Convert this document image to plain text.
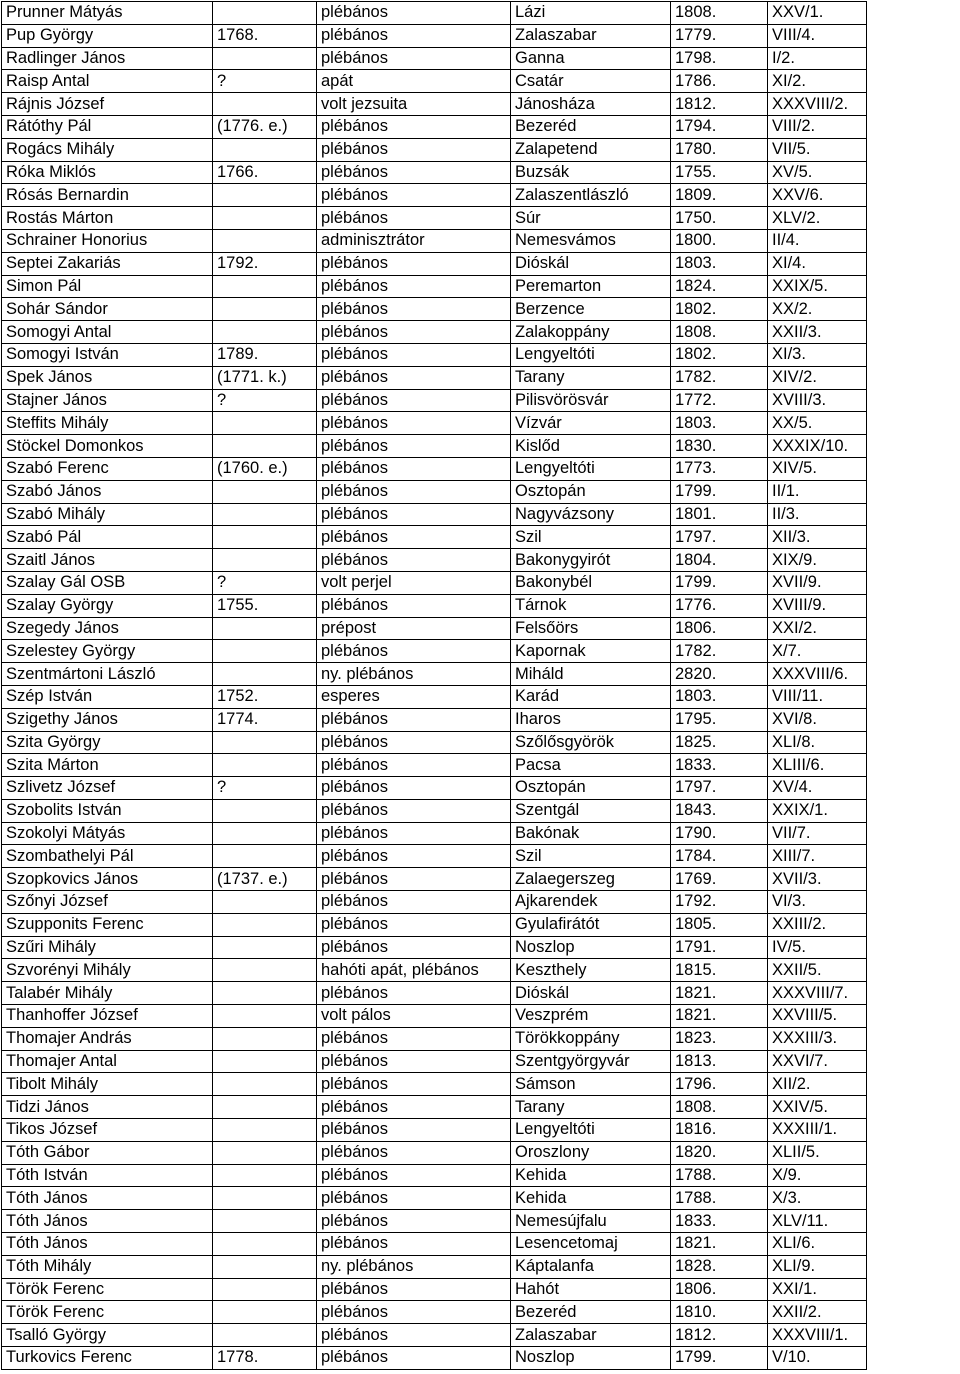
Prunner Mátyás		plébános	Lázi	1808.	XXV/1.
Pup György	1768.	plébános	Zalaszabar	1779.	VIII/4.
Radlinger János		plébános	Ganna	1798.	I/2.
Raisp Antal	?	apát	Csatár	1786.	XI/2.
Rájnis József		volt jezsuita	Jánosháza	1812.	XXXVIII/2.
Rátóthy Pál	(1776. e.)	plébános	Bezeréd	1794.	VIII/2.
Rogács Mihály		plébános	Zalapetend	1780.	VII/5.
Róka Miklós	1766.	plébános	Buzsák	1755.	XV/5.
Rósás Bernardin		plébános	Zalaszentlászló	1809.	XXV/6.
Rostás Márton		plébános	Súr	1750.	XLV/2.
Schrainer Honorius		adminisztrátor	Nemesvámos	1800.	II/4.
Septei Zakariás	1792.	plébános	Dióskál	1803.	XI/4.
Simon Pál		plébános	Peremarton	1824.	XXIX/5.
Sohár Sándor		plébános	Berzence	1802.	XX/2.
Somogyi Antal		plébános	Zalakoppány	1808.	XXII/3.
Somogyi István	1789.	plébános	Lengyeltóti	1802.	XI/3.
Spek János	(1771. k.)	plébános	Tarany	1782.	XIV/2.
Stajner János	?	plébános	Pilisvörösvár	1772.	XVIII/3.
Steffits Mihály		plébános	Vízvár	1803.	XX/5.
Stöckel Domonkos		plébános	Kislőd	1830.	XXXIX/10.
Szabó Ferenc	(1760. e.)	plébános	Lengyeltóti	1773.	XIV/5.
Szabó János		plébános	Osztopán	1799.	II/1.
Szabó Mihály		plébános	Nagyvázsony	1801.	II/3.
Szabó Pál		plébános	Szil	1797.	XII/3.
Szaitl János		plébános	Bakonygyirót	1804.	XIX/9.
Szalay Gál OSB	?	volt perjel	Bakonybél	1799.	XVII/9.
Szalay György	1755.	plébános	Tárnok	1776.	XVIII/9.
Szegedy János		prépost	Felsőörs	1806.	XXI/2.
Szelestey György		plébános	Kapornak	1782.	X/7.
Szentmártoni László		ny. plébános	Miháld	2820.	XXXVIII/6.
Szép István	1752.	esperes	Karád	1803.	VIII/11.
Szigethy János	1774.	plébános	Iharos	1795.	XVI/8.
Szita György		plébános	Szőlősgyörök	1825.	XLI/8.
Szita Márton		plébános	Pacsa	1833.	XLIII/6.
Szlivetz József	?	plébános	Osztopán	1797.	XV/4.
Szobolits István		plébános	Szentgál	1843.	XXIX/1.
Szokolyi Mátyás		plébános	Bakónak	1790.	VII/7.
Szombathelyi Pál		plébános	Szil	1784.	XIII/7.
Szopkovics János	(1737. e.)	plébános	Zalaegerszeg	1769.	XVII/3.
Szőnyi József		plébános	Ajkarendek	1792.	VI/3.
Szupponits Ferenc		plébános	Gyulafirátót	1805.	XXIII/2.
Szűri Mihály		plébános	Noszlop	1791.	IV/5.
Szvorényi Mihály		hahóti apát, plébános	Keszthely	1815.	XXII/5.
Talabér Mihály		plébános	Dióskál	1821.	XXXVIII/7.
Thanhoffer József		volt pálos	Veszprém	1821.	XXVIII/5.
Thomajer András		plébános	Törökkoppány	1823.	XXXIII/3.
Thomajer Antal		plébános	Szentgyörgyvár	1813.	XXVI/7.
Tibolt Mihály		plébános	Sámson	1796.	XII/2.
Tidzi János		plébános	Tarany	1808.	XXIV/5.
Tikos József		plébános	Lengyeltóti	1816.	XXXIII/1.
Tóth Gábor		plébános	Oroszlony	1820.	XLII/5.
Tóth István		plébános	Kehida	1788.	X/9.
Tóth János		plébános	Kehida	1788.	X/3.
Tóth János		plébános	Nemesújfalu	1833.	XLV/11.
Tóth János		plébános	Lesencetomaj	1821.	XLI/6.
Tóth Mihály		ny. plébános	Káptalanfa	1828.	XLI/9.
Török Ferenc		plébános	Hahót	1806.	XXI/1.
Török Ferenc		plébános	Bezeréd	1810.	XXII/2.
Tsalló György		plébános	Zalaszabar	1812.	XXXVIII/1.
Turkovics Ferenc	1778.	plébános	Noszlop	1799.	V/10.
